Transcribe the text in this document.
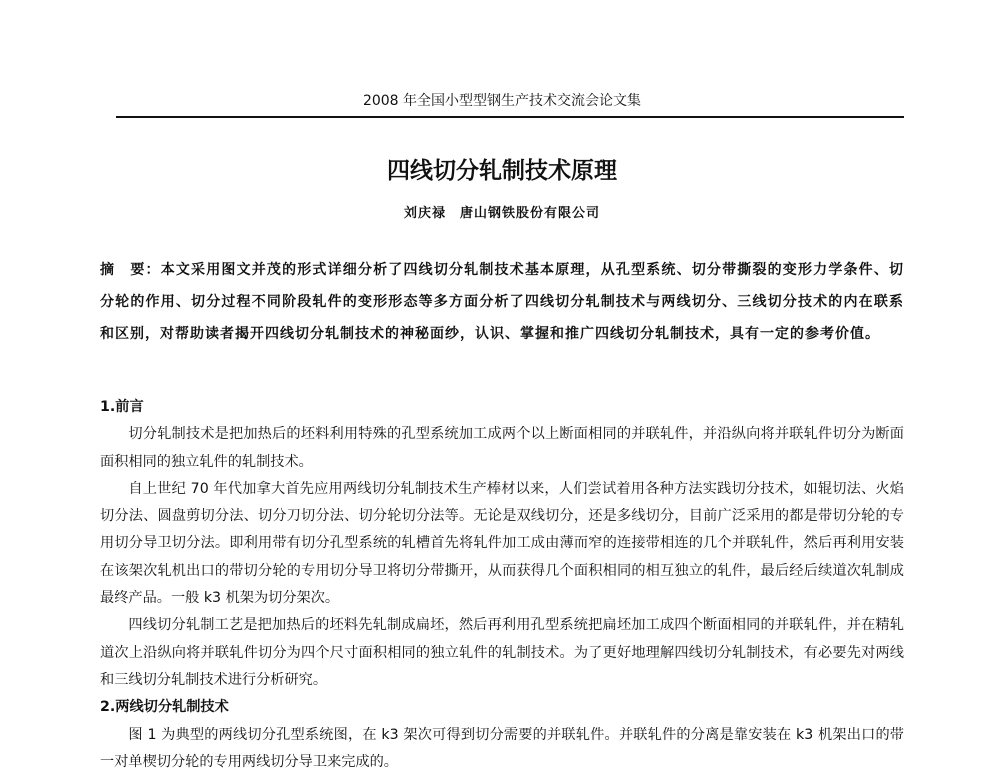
2008 年全国小型型钢生产技术交流会论文集
四线切分轧制技术原理
刘庆禄 唐山钢铁股份有限公司
摘　要：本文采用图文并茂的形式详细分析了四线切分轧制技术基本原理，从孔型系统、切分带撕裂的变形力学条件、切分轮的作用、切分过程不同阶段轧件的变形形态等多方面分析了四线切分轧制技术与两线切分、三线切分技术的内在联系和区别，对帮助读者揭开四线切分轧制技术的神秘面纱，认识、掌握和推广四线切分轧制技术，具有一定的参考价值。
1.前言

切分轧制技术是把加热后的坯料利用特殊的孔型系统加工成两个以上断面相同的并联轧件，并沿纵向将并联轧件切分为断面面积相同的独立轧件的轧制技术。

自上世纪 70 年代加拿大首先应用两线切分轧制技术生产棒材以来，人们尝试着用各种方法实践切分技术，如辊切法、火焰切分法、圆盘剪切分法、切分刀切分法、切分轮切分法等。无论是双线切分，还是多线切分，目前广泛采用的都是带切分轮的专用切分导卫切分法。即利用带有切分孔型系统的轧槽首先将轧件加工成由薄而窄的连接带相连的几个并联轧件，然后再利用安装在该架次轧机出口的带切分轮的专用切分导卫将切分带撕开，从而获得几个面积相同的相互独立的轧件，最后经后续道次轧制成最终产品。一般 k3 机架为切分架次。

四线切分轧制工艺是把加热后的坯料先轧制成扁坯，然后再利用孔型系统把扁坯加工成四个断面相同的并联轧件，并在精轧道次上沿纵向将并联轧件切分为四个尺寸面积相同的独立轧件的轧制技术。为了更好地理解四线切分轧制技术，有必要先对两线和三线切分轧制技术进行分析研究。

2.两线切分轧制技术

图 1 为典型的两线切分孔型系统图，在 k3 架次可得到切分需要的并联轧件。并联轧件的分离是靠安装在 k3 机架出口的带一对单楔切分轮的专用两线切分导卫来完成的。
